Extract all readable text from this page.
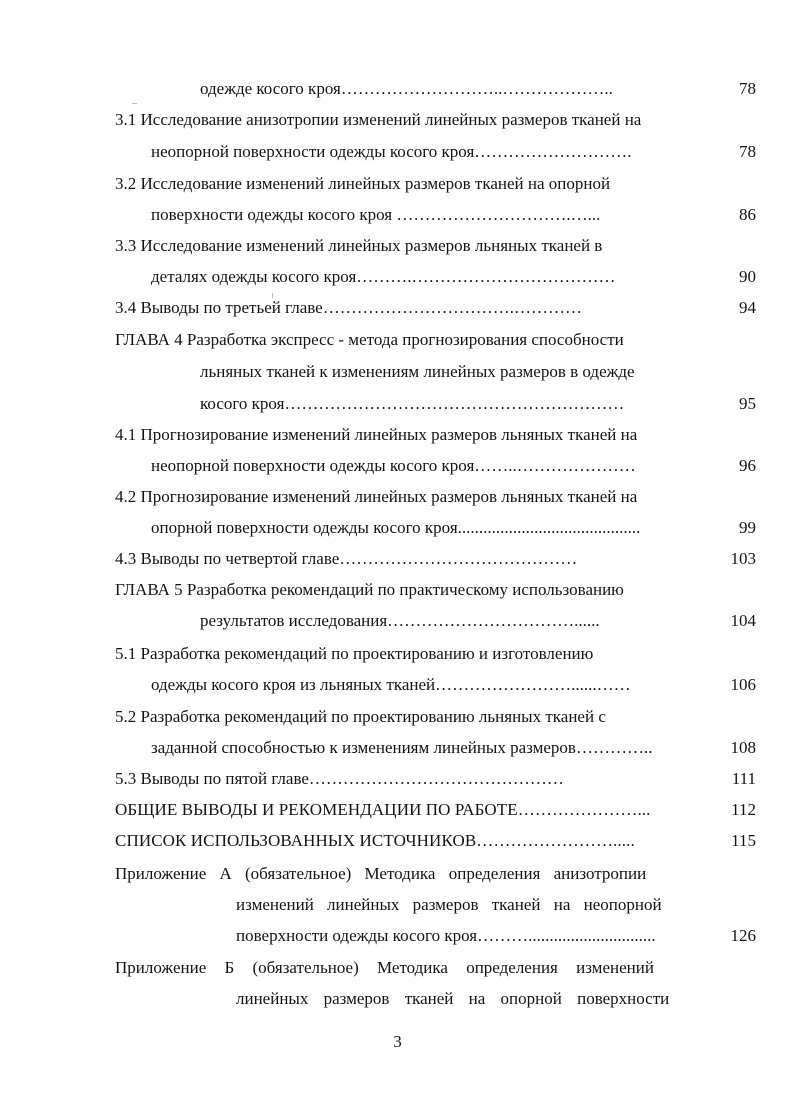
одежде косого кроя………………………..………………..	78
3.1 Исследование анизотропии изменений линейных размеров тканей на
неопорной поверхности одежды косого кроя……………………….	78
3.2 Исследование изменений линейных размеров тканей на опорной
поверхности одежды косого кроя ………………………….…...	86
3.3 Исследование изменений линейных размеров льняных тканей в
деталях одежды косого кроя……….………………………………	90
3.4 Выводы по третьей главе…………………………….…………	94
ГЛАВА 4 Разработка экспресс - метода прогнозирования способности
льняных тканей к изменениям линейных размеров в одежде
косого кроя……………………………………………………	95
4.1 Прогнозирование изменений линейных размеров льняных тканей на
неопорной поверхности одежды косого кроя……..…………………	96
4.2 Прогнозирование изменений линейных размеров льняных тканей на
опорной поверхности одежды косого кроя...........................................	99
4.3 Выводы по четвертой главе……………………………………	103
ГЛАВА 5 Разработка рекомендаций по практическому использованию
результатов исследования……………………………......	104
5.1 Разработка рекомендаций по проектированию и изготовлению
одежды косого кроя из льняных тканей……………………......……	106
5.2 Разработка рекомендаций по проектированию льняных тканей с
заданной способностью к изменениям линейных размеров…………..	108
5.3 Выводы по пятой главе………………………………………	111
ОБЩИЕ ВЫВОДЫ И РЕКОМЕНДАЦИИ ПО РАБОТЕ…………………...	112
СПИСОК ИСПОЛЬЗОВАННЫХ ИСТОЧНИКОВ…………………….....	115
Приложение А (обязательное) Методика определения анизотропии
изменений линейных размеров тканей на неопорной
поверхности одежды косого кроя………..............................	126
Приложение Б (обязательное) Методика определения изменений
линейных размеров тканей на опорной поверхности
3
